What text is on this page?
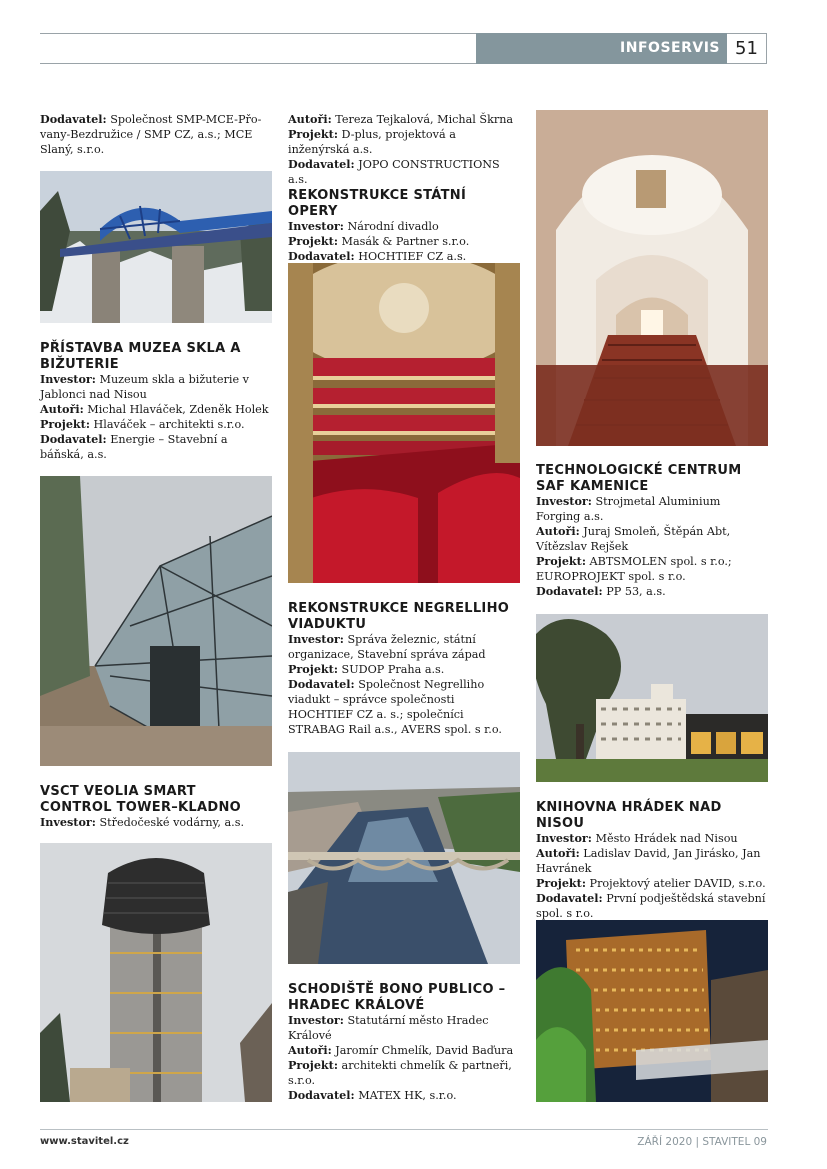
INFOSERVIS 51

Dodavatel: Společnost SMP-MCE-Přo-vany-Bezdružice / SMP CZ, a.s.; MCE Slaný, s.r.o.

PŘÍSTAVBA MUZEA SKLA A BIŽUTERIE

Investor: Muzeum skla a bižuterie v Jablonci nad Nisou

Autoři: Michal Hlaváček, Zdeněk Holek

Projekt: Hlaváček – architekti s.r.o.

Dodavatel: Energie – Stavební a báňská, a.s.

VSCT VEOLIA SMART CONTROL TOWER–KLADNO

Investor: Středočeské vodárny, a.s.

Autoři: Tereza Tejkalová, Michal Škrna

Projekt: D-plus, projektová a inženýrská a.s.

Dodavatel: JOPO CONSTRUCTIONS a.s.

REKONSTRUKCE STÁTNÍ OPERY

Investor: Národní divadlo

Projekt: Masák & Partner s.r.o.

Dodavatel: HOCHTIEF CZ a.s.

REKONSTRUKCE NEGRELLIHO VIADUKTU

Investor: Správa železnic, státní organizace, Stavební správa západ

Projekt: SUDOP Praha a.s.

Dodavatel: Společnost Negrelliho viadukt – správce společnosti HOCHTIEF CZ a. s.; společníci STRABAG Rail a.s., AVERS spol. s r.o.

SCHODIŠTĚ BONO PUBLICO – HRADEC KRÁLOVÉ

Investor: Statutární město Hradec Králové

Autoři: Jaromír Chmelík, David Baďura

Projekt: architekti chmelík & partneři, s.r.o.

Dodavatel: MATEX HK, s.r.o.

TECHNOLOGICKÉ CENTRUM SAF KAMENICE

Investor: Strojmetal Aluminium Forging a.s.

Autoři: Juraj Smoleň, Štěpán Abt, Vítězslav Rejšek

Projekt: ABTSMOLEN spol. s r.o.; EUROPROJEKT spol. s r.o.

Dodavatel: PP 53, a.s.

KNIHOVNA HRÁDEK NAD NISOU

Investor: Město Hrádek nad Nisou

Autoři: Ladislav David, Jan Jirásko, Jan Havránek

Projekt: Projektový atelier DAVID, s.r.o.

Dodavatel: První podještědská stavební spol. s r.o.

www.stavitel.cz	ZÁŘÍ 2020 | STAVITEL 09
